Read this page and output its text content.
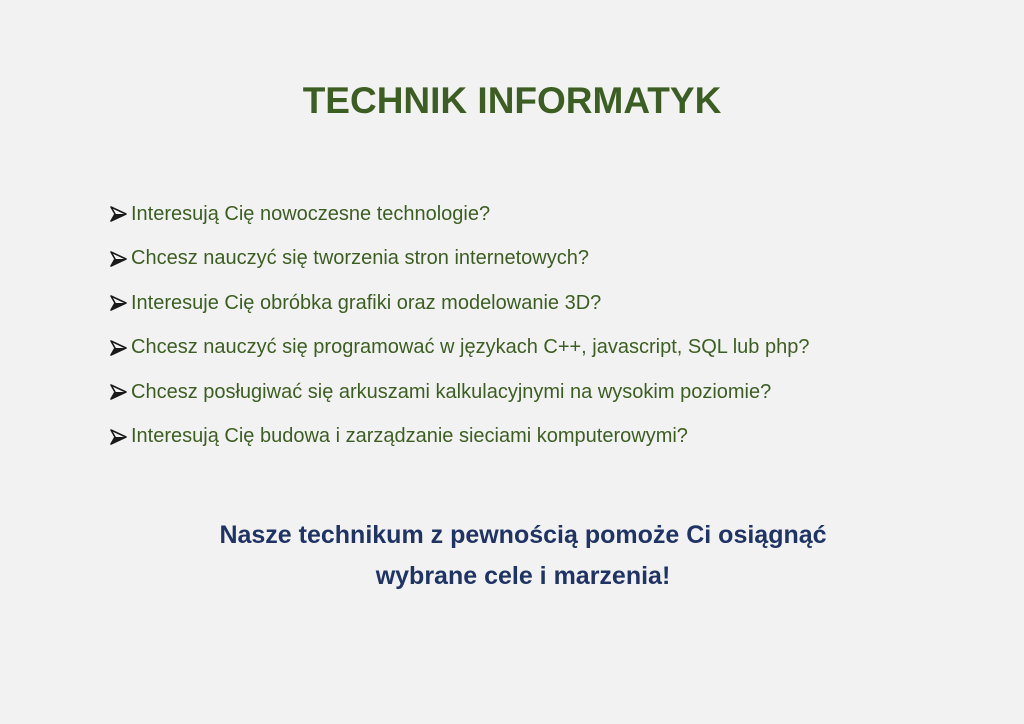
TECHNIK INFORMATYK
Interesują Cię nowoczesne technologie?
Chcesz nauczyć się tworzenia stron internetowych?
Interesuje Cię obróbka grafiki oraz modelowanie 3D?
Chcesz nauczyć się programować w językach C++, javascript, SQL lub php?
Chcesz posługiwać się arkuszami kalkulacyjnymi na wysokim poziomie?
Interesują Cię budowa i zarządzanie sieciami komputerowymi?
Nasze technikum z pewnością pomoże Ci osiągnąć
wybrane cele i marzenia!
